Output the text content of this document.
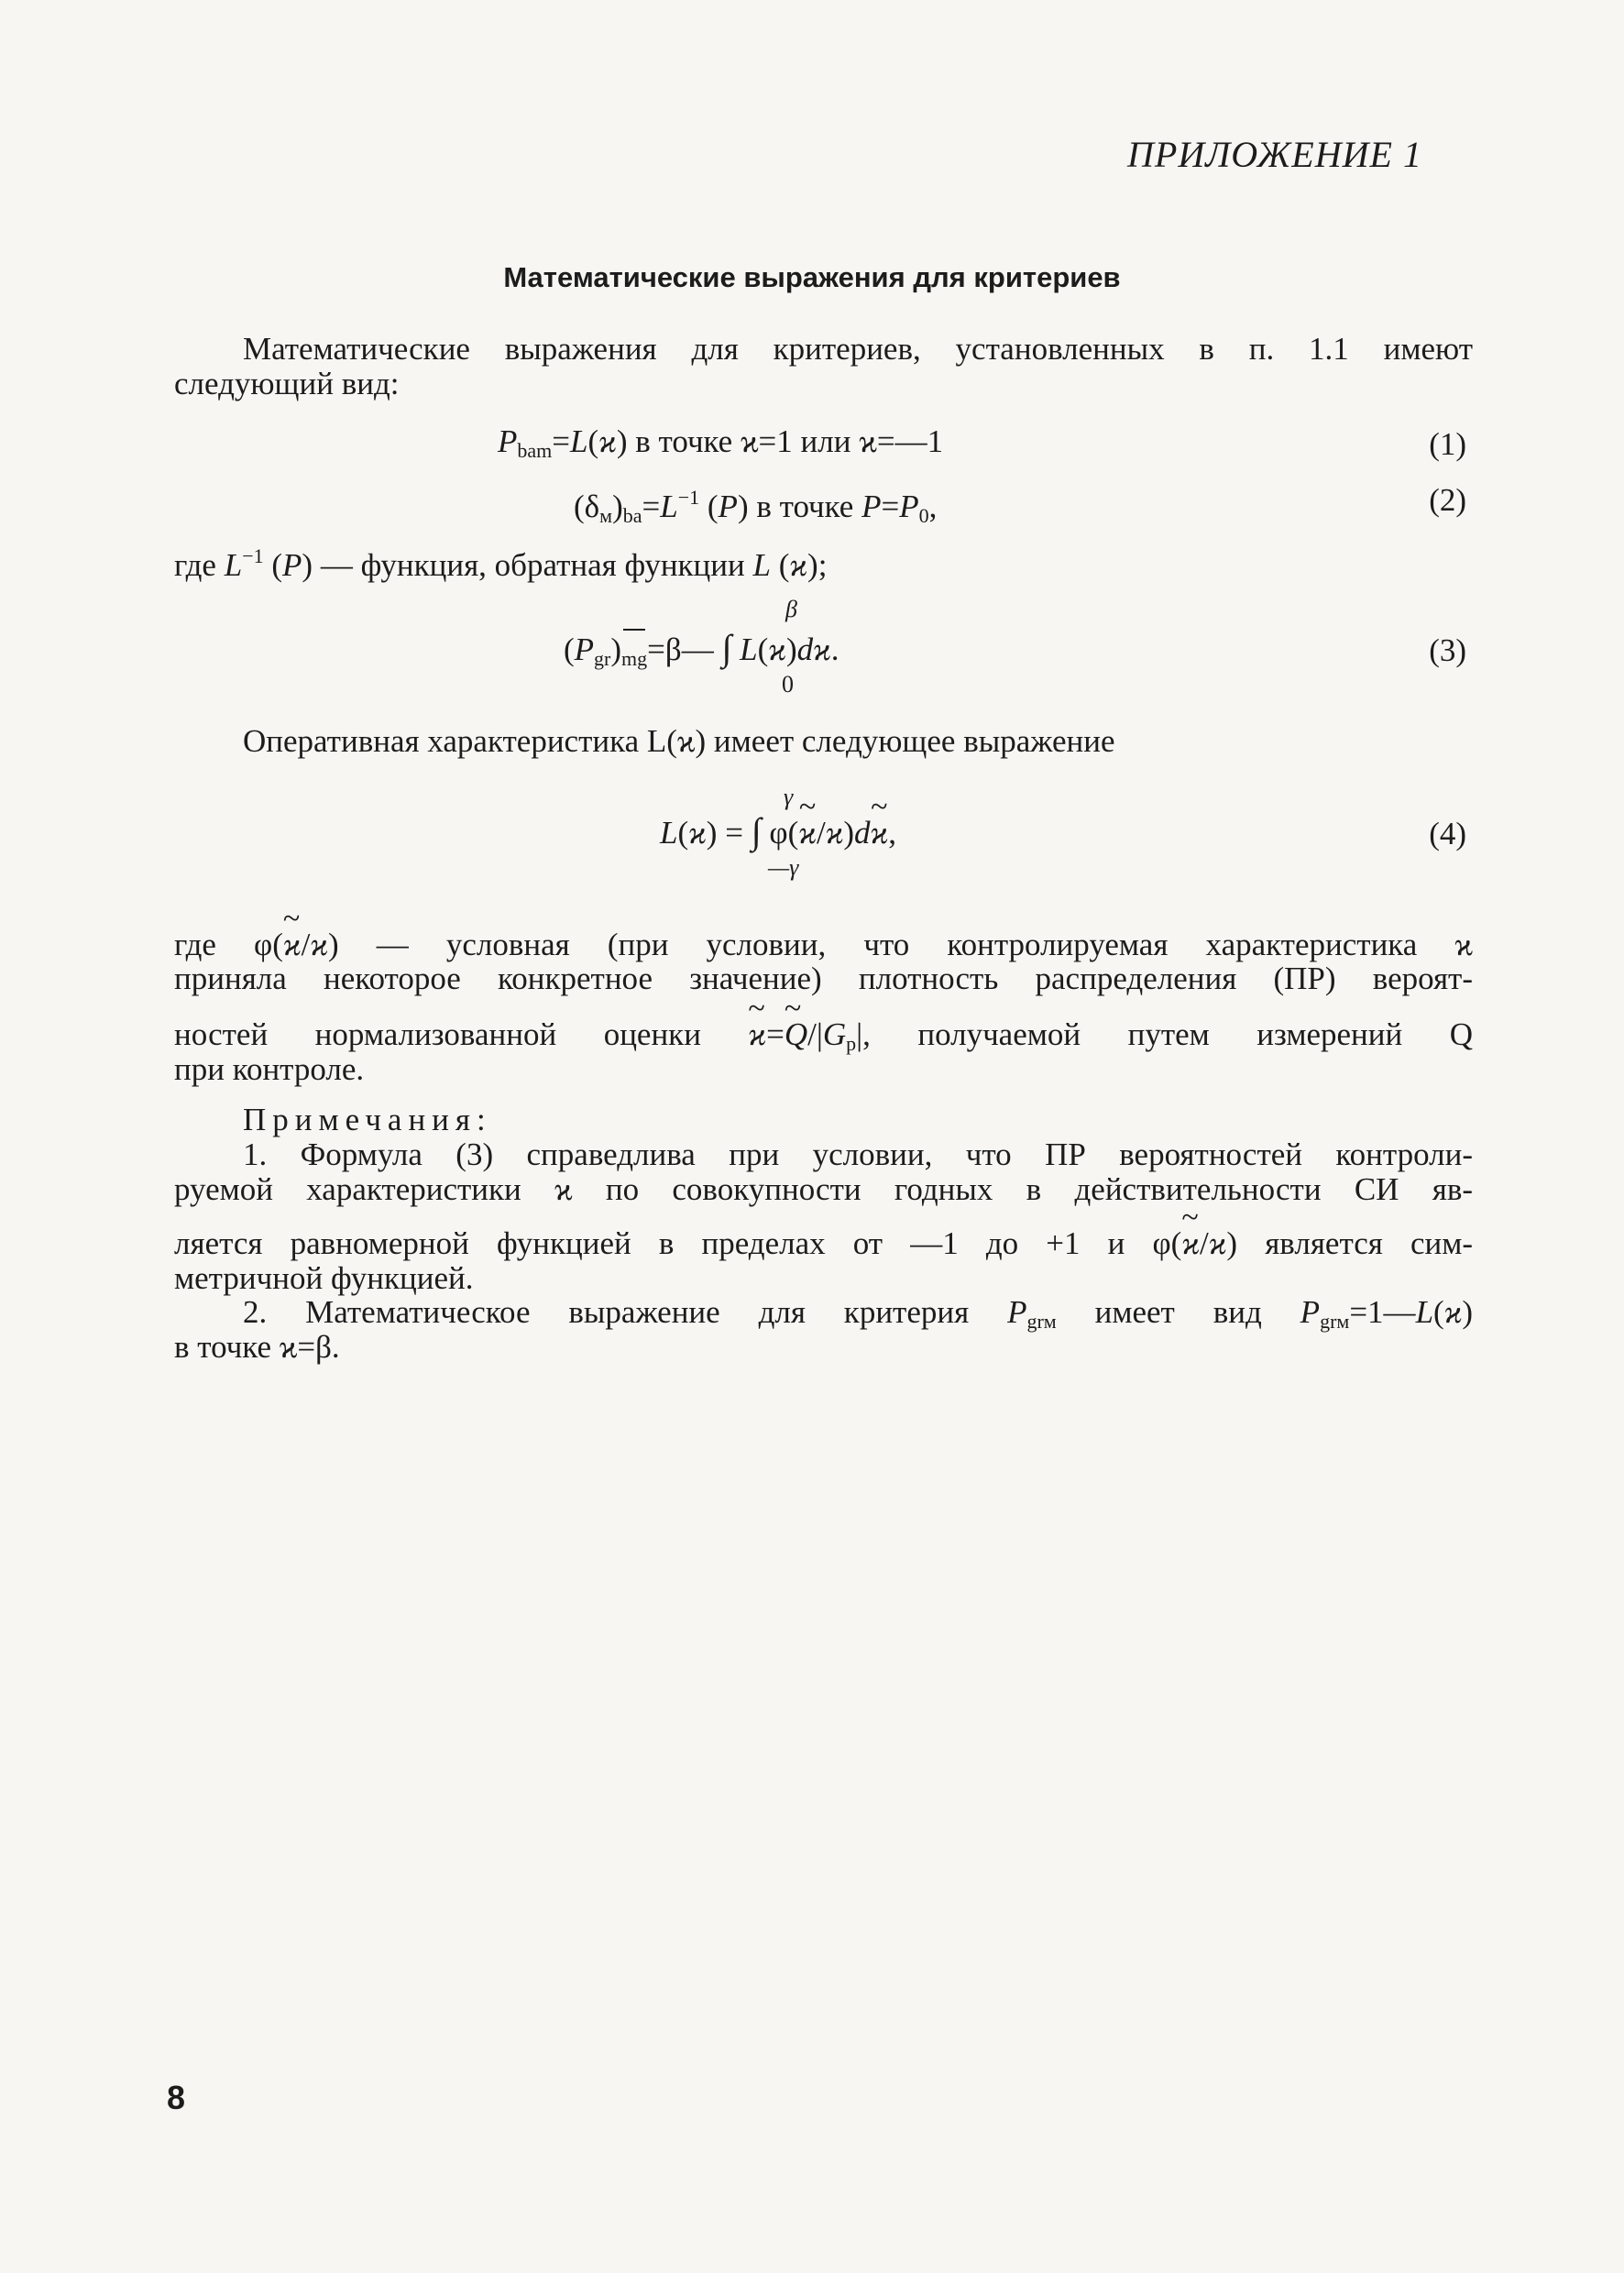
ПРИЛОЖЕНИЕ 1
Математические выражения для критериев
Математические выражения для критериев, установленных в п. 1.1 имеют
следующий вид:
$P_{bam}=L(ϰ)$ в точке ϰ=1 или ϰ=—1	(1)
$(\delta_м)_{ba}=L^{-1}$ (P) в точке $P=P_0$,	(2)
где $L^{-1}$ (P) — функция, обратная функции L (ϰ);
β
$(P_{gr})_{mg}=\beta—$ ∫ L(ϰ)dϰ.
0
(3)
Оперативная характеристика L(ϰ) имеет следующее выражение
γ
L(ϰ) = ∫ φ(~ ϰ/ϰ)d~ ϰ,
—γ
(4)
где φ(~ ϰ/ϰ) — условная (при условии, что контролируемая характеристика ϰ
приняла некоторое конкретное значение) плотность распределения (ПР) вероят-
ностей нормализованной оценки ~ ϰ=~ $Q/|G_p|$, получаемой путем измерений Q
при контроле.
Примечания:
1. Формула (3) справедлива при условии, что ПР вероятностей контроли-
руемой характеристики ϰ по совокупности годных в действительности СИ яв-
ляется равномерной функцией в пределах от —1 до +1 и φ(~ ϰ/ϰ) является сим-
метричной функцией.
2. Математическое выражение для критерия $P_{grм}$ имеет вид $P_{grм}=1—L(ϰ)$
в точке ϰ=β.
8
